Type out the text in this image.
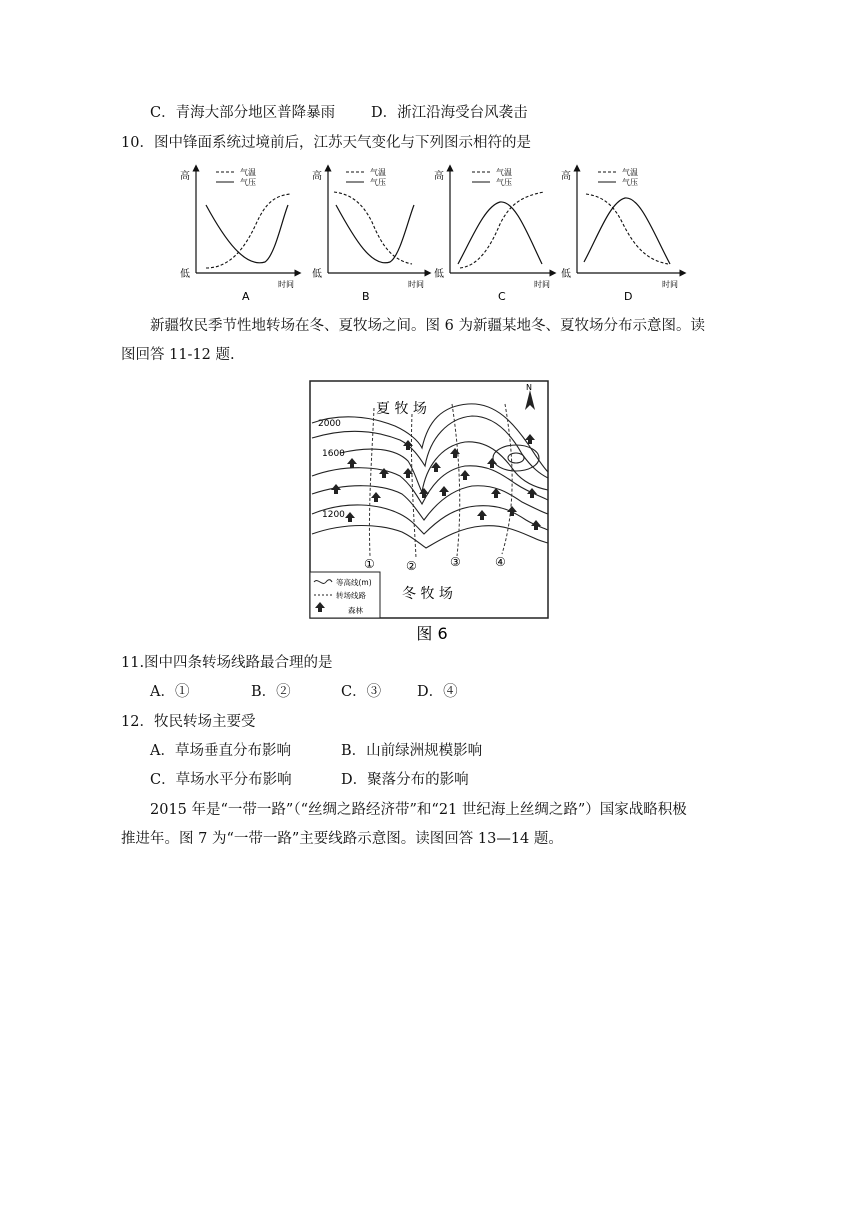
C．青海大部分地区普降暴雨 D．浙江沿海受台风袭击
10．图中锋面系统过境前后，江苏天气变化与下列图示相符的是
高
低
时间
气温
气压
A
高
低
时间
气温
气压
B
高
低
时间
气温
气压
C
高
低
时间
气温
气压
D
新疆牧民季节性地转场在冬、夏牧场之间。图 6 为新疆某地冬、夏牧场分布示意图。读
图回答 11-12 题.
N
夏 牧 场
2000
1600
1200
①	②	③	④
冬 牧 场
等高线(m)
转场线路
森林
图 6
11.图中四条转场线路最合理的是
A．①	B．②	C．③ D．④
12．牧民转场主要受
A．草场垂直分布影响	B．山前绿洲规模影响
C．草场水平分布影响	D．聚落分布的影响
2015 年是“一带一路”（“丝绸之路经济带”和“21 世纪海上丝绸之路”）国家战略积极
推进年。图 7 为“一带一路”主要线路示意图。读图回答 13—14 题。
